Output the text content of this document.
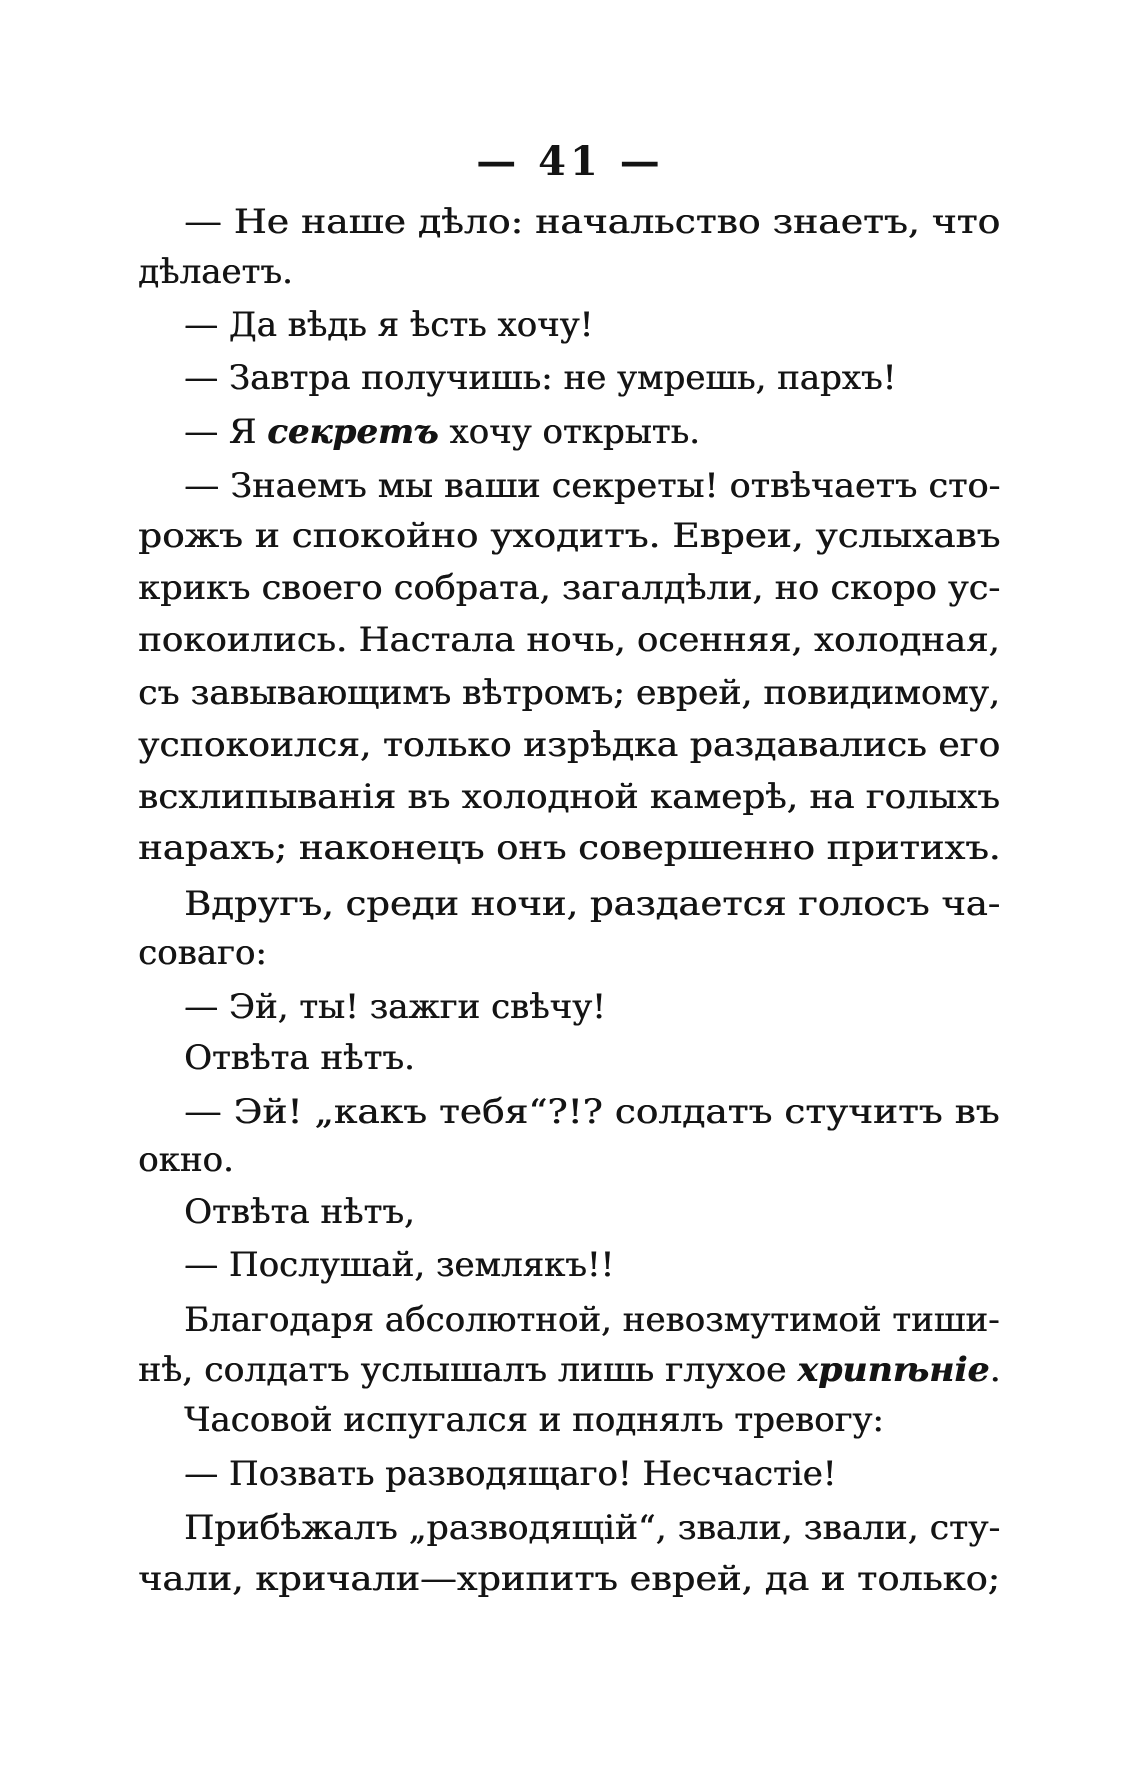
— 41 —
— Не наше дѣло: начальство знаетъ, что
дѣлаетъ.
— Да вѣдь я ѣсть хочу!
— Завтра получишь: не умрешь, пархъ!
— Я секретъ хочу открыть.
— Знаемъ мы ваши секреты! отвѣчаетъ сто-
рожъ и спокойно уходитъ. Евреи, услыхавъ
крикъ своего собрата, загалдѣли, но скоро ус-
покоились. Настала ночь, осенняя, холодная,
съ завывающимъ вѣтромъ; еврей, повидимому,
успокоился, только изрѣдка раздавались его
всхлипыванія въ холодной камерѣ, на голыхъ
нарахъ; наконецъ онъ совершенно притихъ.
Вдругъ, среди ночи, раздается голосъ ча-
соваго:
— Эй, ты! зажги свѣчу!
Отвѣта нѣтъ.
— Эй! „какъ тебя“?!? солдатъ стучитъ въ
окно.
Отвѣта нѣтъ,
— Послушай, землякъ!!
Благодаря абсолютной, невозмутимой тиши-
нѣ, солдатъ услышалъ лишь глухое хрипѣніе.
Часовой испугался и поднялъ тревогу:
— Позвать разводящаго! Несчастіе!
Прибѣжалъ „разводящій“, звали, звали, сту-
чали, кричали—хрипитъ еврей, да и только;
